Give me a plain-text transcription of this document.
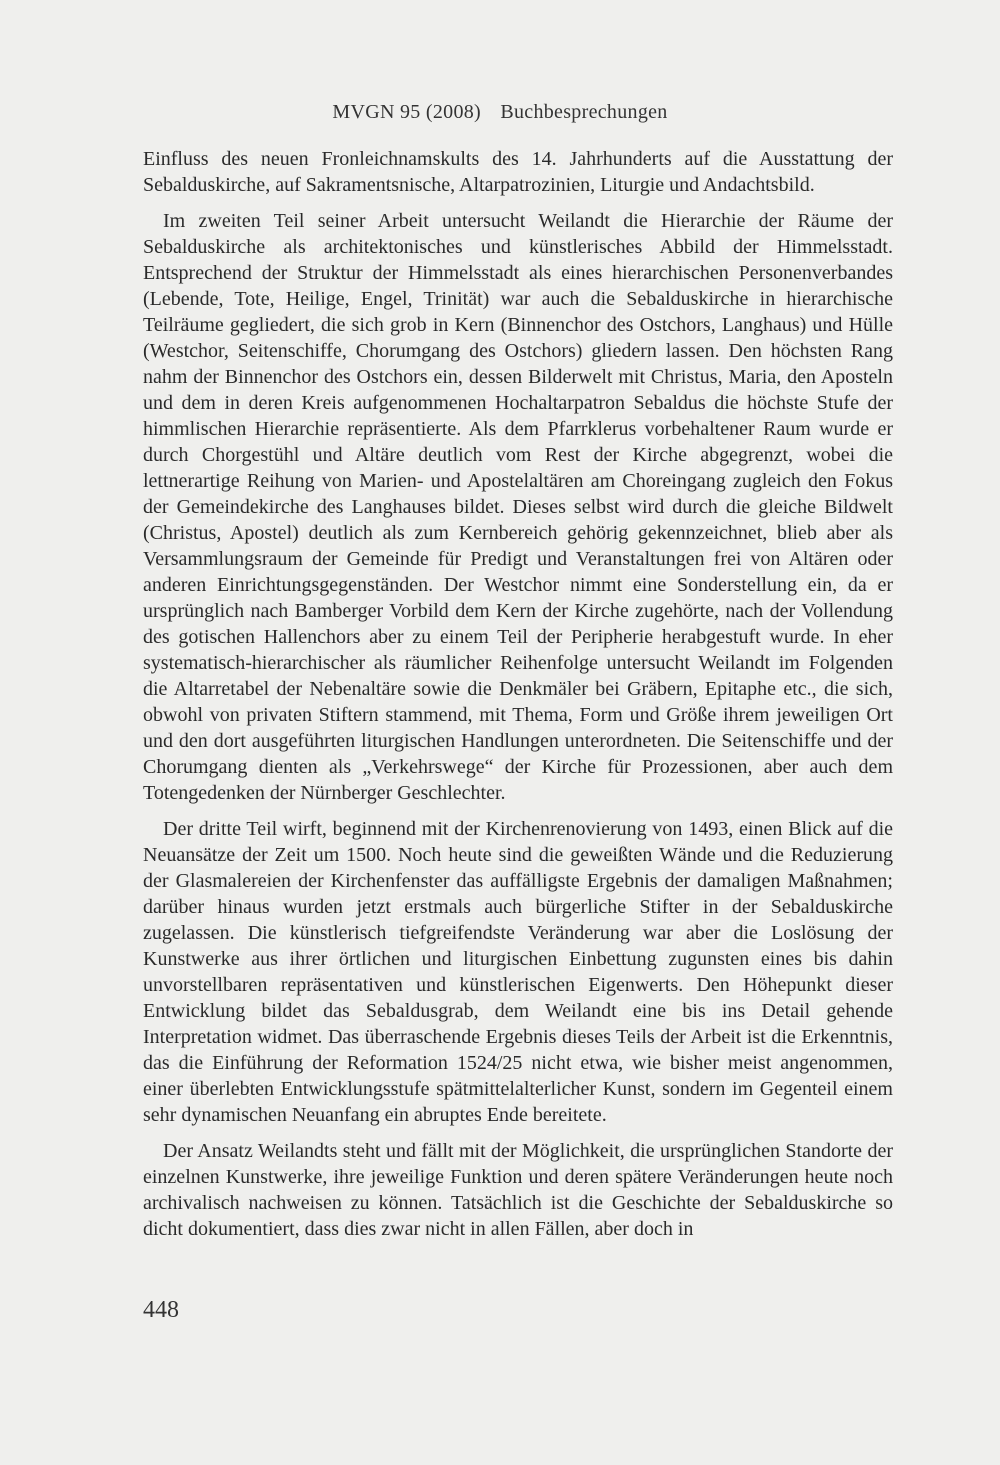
MVGN 95 (2008) Buchbesprechungen

Einfluss des neuen Fronleichnamskults des 14. Jahrhunderts auf die Ausstattung der Sebalduskirche, auf Sakramentsnische, Altarpatrozinien, Liturgie und Andachtsbild.

Im zweiten Teil seiner Arbeit untersucht Weilandt die Hierarchie der Räume der Sebalduskirche als architektonisches und künstlerisches Abbild der Himmelsstadt. Entsprechend der Struktur der Himmelsstadt als eines hierarchischen Personenverbandes (Lebende, Tote, Heilige, Engel, Trinität) war auch die Sebalduskirche in hierarchische Teilräume gegliedert, die sich grob in Kern (Binnenchor des Ostchors, Langhaus) und Hülle (Westchor, Seitenschiffe, Chorumgang des Ostchors) gliedern lassen. Den höchsten Rang nahm der Binnenchor des Ostchors ein, dessen Bilderwelt mit Christus, Maria, den Aposteln und dem in deren Kreis aufgenommenen Hochaltarpatron Sebaldus die höchste Stufe der himmlischen Hierarchie repräsentierte. Als dem Pfarrklerus vorbehaltener Raum wurde er durch Chorgestühl und Altäre deutlich vom Rest der Kirche abgegrenzt, wobei die lettnerartige Reihung von Marien- und Apostelaltären am Choreingang zugleich den Fokus der Gemeindekirche des Langhauses bildet. Dieses selbst wird durch die gleiche Bildwelt (Christus, Apostel) deutlich als zum Kernbereich gehörig gekennzeichnet, blieb aber als Versammlungsraum der Gemeinde für Predigt und Veranstaltungen frei von Altären oder anderen Einrichtungsgegenständen. Der Westchor nimmt eine Sonderstellung ein, da er ursprünglich nach Bamberger Vorbild dem Kern der Kirche zugehörte, nach der Vollendung des gotischen Hallenchors aber zu einem Teil der Peripherie herabgestuft wurde. In eher systematisch-hierarchischer als räumlicher Reihenfolge untersucht Weilandt im Folgenden die Altarretabel der Nebenaltäre sowie die Denkmäler bei Gräbern, Epitaphe etc., die sich, obwohl von privaten Stiftern stammend, mit Thema, Form und Größe ihrem jeweiligen Ort und den dort ausgeführten liturgischen Handlungen unterordneten. Die Seitenschiffe und der Chorumgang dienten als „Verkehrswege“ der Kirche für Prozessionen, aber auch dem Totengedenken der Nürnberger Geschlechter.

Der dritte Teil wirft, beginnend mit der Kirchenrenovierung von 1493, einen Blick auf die Neuansätze der Zeit um 1500. Noch heute sind die geweißten Wände und die Reduzierung der Glasmalereien der Kirchenfenster das auffälligste Ergebnis der damaligen Maßnahmen; darüber hinaus wurden jetzt erstmals auch bürgerliche Stifter in der Sebalduskirche zugelassen. Die künstlerisch tiefgreifendste Veränderung war aber die Loslösung der Kunstwerke aus ihrer örtlichen und liturgischen Einbettung zugunsten eines bis dahin unvorstellbaren repräsentativen und künstlerischen Eigenwerts. Den Höhepunkt dieser Entwicklung bildet das Sebaldusgrab, dem Weilandt eine bis ins Detail gehende Interpretation widmet. Das überraschende Ergebnis dieses Teils der Arbeit ist die Erkenntnis, das die Einführung der Reformation 1524/25 nicht etwa, wie bisher meist angenommen, einer überlebten Entwicklungsstufe spätmittelalterlicher Kunst, sondern im Gegenteil einem sehr dynamischen Neuanfang ein abruptes Ende bereitete.

Der Ansatz Weilandts steht und fällt mit der Möglichkeit, die ursprünglichen Standorte der einzelnen Kunstwerke, ihre jeweilige Funktion und deren spätere Veränderungen heute noch archivalisch nachweisen zu können. Tatsächlich ist die Geschichte der Sebalduskirche so dicht dokumentiert, dass dies zwar nicht in allen Fällen, aber doch in

448
